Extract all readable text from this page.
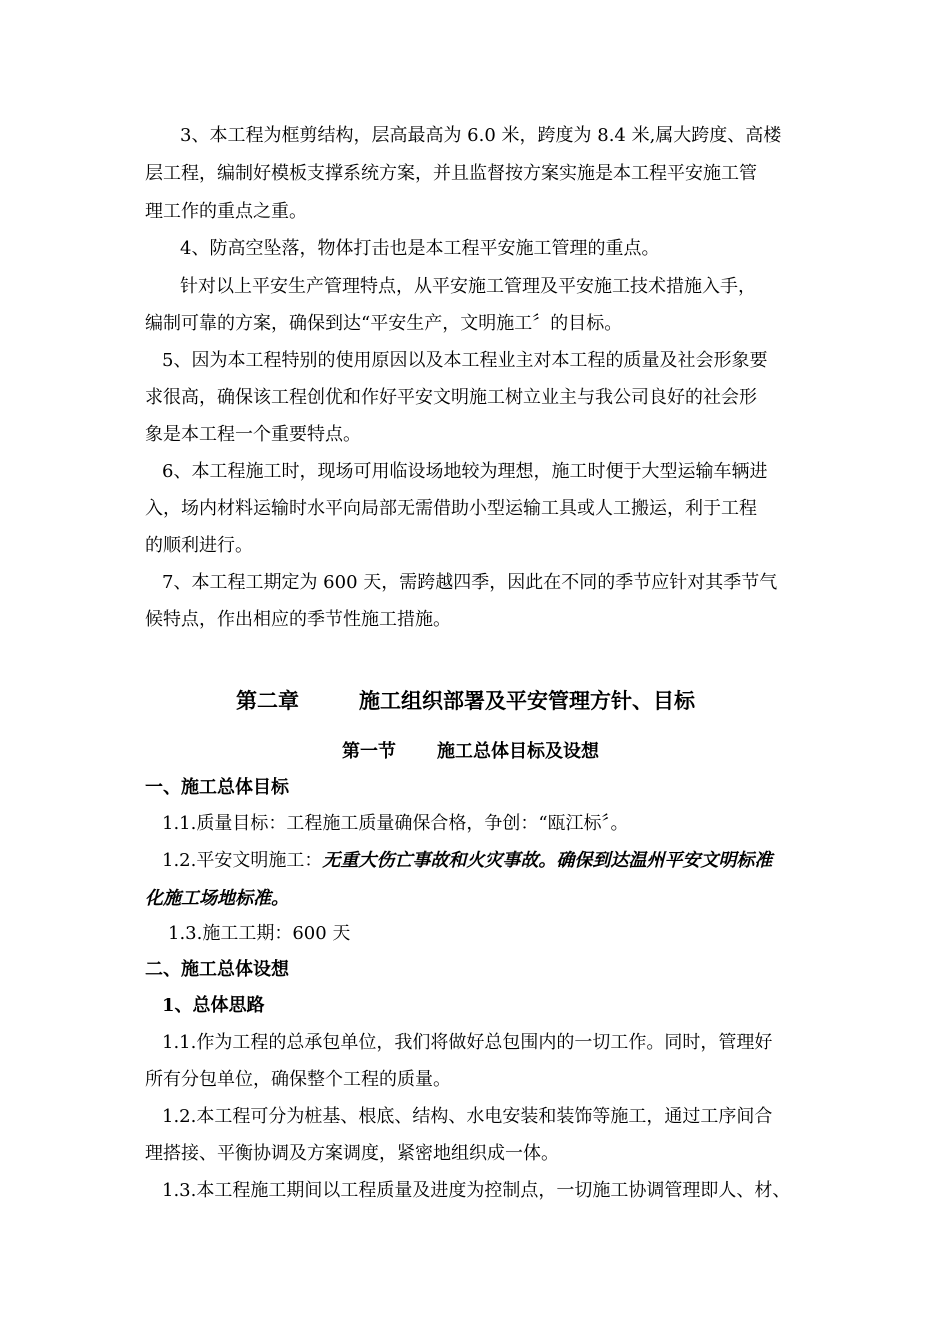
3、本工程为框剪结构，层高最高为 6.0 米，跨度为 8.4 米,属大跨度、高楼
层工程，编制好模板支撑系统方案，并且监督按方案实施是本工程平安施工管
理工作的重点之重。
4、防高空坠落，物体打击也是本工程平安施工管理的重点。
针对以上平安生产管理特点，从平安施工管理及平安施工技术措施入手，
编制可靠的方案，确保到达“平安生产，文明施工〞的目标。
5、因为本工程特别的使用原因以及本工程业主对本工程的质量及社会形象要
求很高，确保该工程创优和作好平安文明施工树立业主与我公司良好的社会形
象是本工程一个重要特点。
6、本工程施工时，现场可用临设场地较为理想，施工时便于大型运输车辆进
入，场内材料运输时水平向局部无需借助小型运输工具或人工搬运，利于工程
的顺利进行。
7、本工程工期定为 600 天，需跨越四季，因此在不同的季节应针对其季节气
候特点，作出相应的季节性施工措施。
第二章	施工组织部署及平安管理方针、目标
第一节 施工总体目标及设想
一、施工总体目标
1.1.质量目标：工程施工质量确保合格，争创：“瓯江标〞。
1.2.平安文明施工：无重大伤亡事故和火灾事故。确保到达温州平安文明标准
化施工场地标准。
1.3.施工工期：600 天
二、施工总体设想
1、总体思路
1.1.作为工程的总承包单位，我们将做好总包围内的一切工作。同时，管理好
所有分包单位，确保整个工程的质量。
1.2.本工程可分为桩基、根底、结构、水电安装和装饰等施工，通过工序间合
理搭接、平衡协调及方案调度，紧密地组织成一体。
1.3.本工程施工期间以工程质量及进度为控制点，一切施工协调管理即人、材、
